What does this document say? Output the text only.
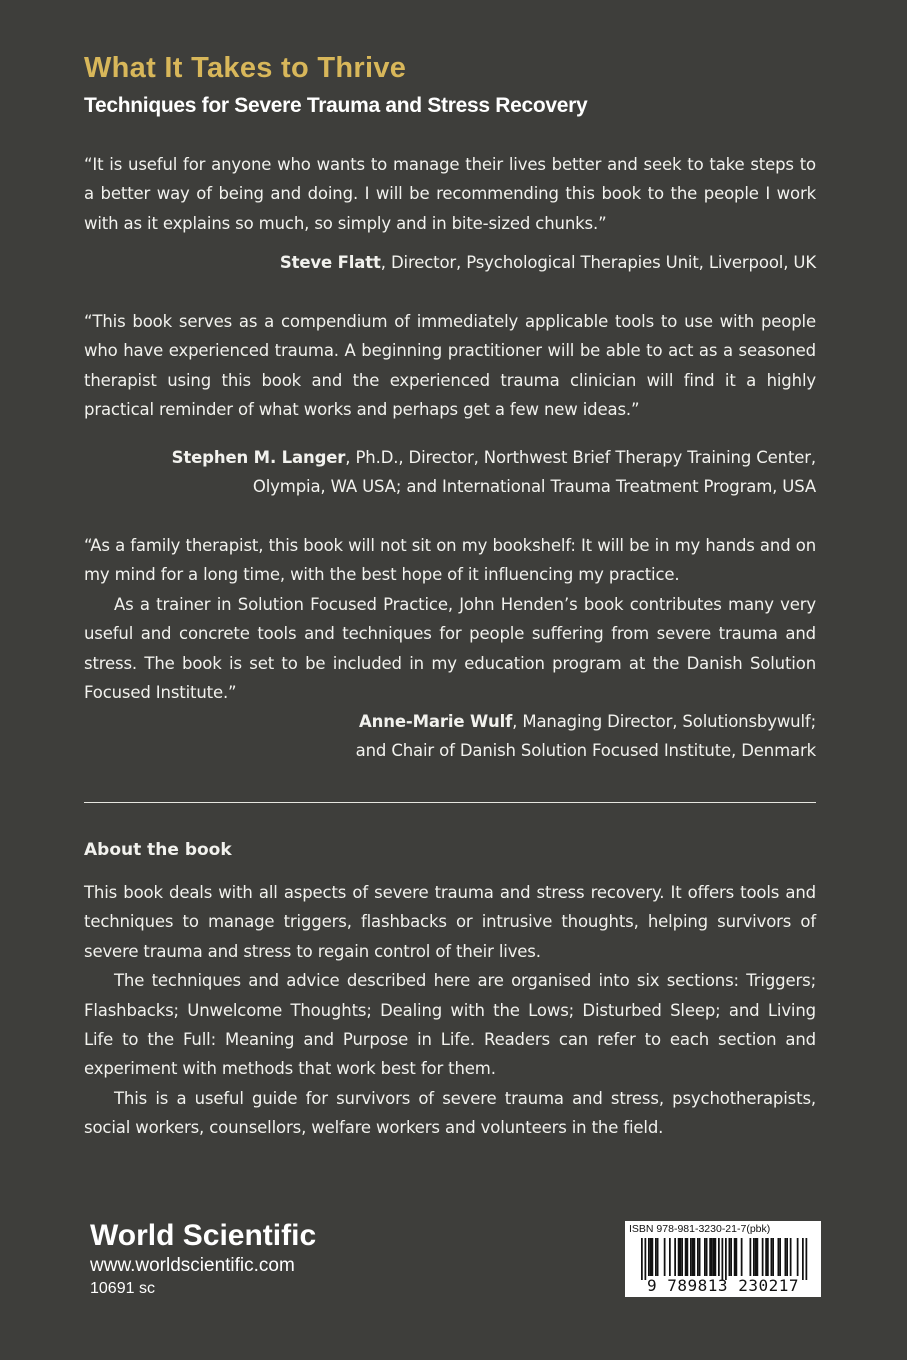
What It Takes to Thrive
Techniques for Severe Trauma and Stress Recovery

“It is useful for anyone who wants to manage their lives better and seek to take steps to a better way of being and doing. I will be recommending this book to the people I work with as it explains so much, so simply and in bite-sized chunks.”

Steve Flatt, Director, Psychological Therapies Unit, Liverpool, UK

“This book serves as a compendium of immediately applicable tools to use with people who have experienced trauma. A beginning practitioner will be able to act as a seasoned therapist using this book and the experienced trauma clinician will find it a highly practical reminder of what works and perhaps get a few new ideas.”

Stephen M. Langer, Ph.D., Director, Northwest Brief Therapy Training Center,
Olympia, WA USA; and International Trauma Treatment Program, USA

“As a family therapist, this book will not sit on my bookshelf: It will be in my hands and on my mind for a long time, with the best hope of it influencing my practice.

As a trainer in Solution Focused Practice, John Henden’s book contributes many very useful and concrete tools and techniques for people suffering from severe trauma and stress. The book is set to be included in my education program at the Danish Solution Focused Institute.”

Anne-Marie Wulf, Managing Director, Solutionsbywulf;
and Chair of Danish Solution Focused Institute, Denmark
About the book

This book deals with all aspects of severe trauma and stress recovery. It offers tools and techniques to manage triggers, flashbacks or intrusive thoughts, helping survivors of severe trauma and stress to regain control of their lives.

The techniques and advice described here are organised into six sections: Triggers; Flashbacks; Unwelcome Thoughts; Dealing with the Lows; Disturbed Sleep; and Living Life to the Full: Meaning and Purpose in Life. Readers can refer to each section and experiment with methods that work best for them.

This is a useful guide for survivors of severe trauma and stress, psychotherapists, social workers, counsellors, welfare workers and volunteers in the field.

World Scientific
www.worldscientific.com
10691 sc
ISBN 978-981-3230-21-7(pbk)
9 789813 230217
